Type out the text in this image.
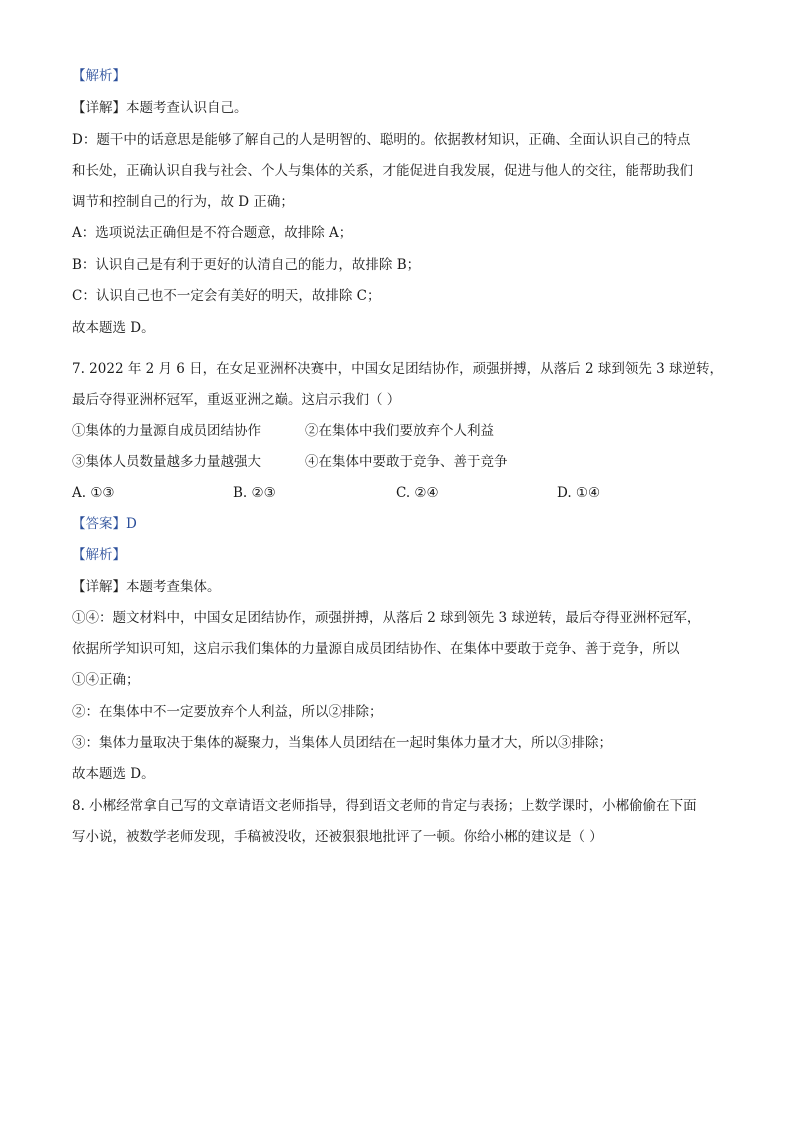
【解析】
【详解】本题考查认识自己。
D：题干中的话意思是能够了解自己的人是明智的、聪明的。依据教材知识，正确、全面认识自己的特点
和长处，正确认识自我与社会、个人与集体的关系，才能促进自我发展，促进与他人的交往，能帮助我们
调节和控制自己的行为，故 D 正确；
A：选项说法正确但是不符合题意，故排除 A；
B：认识自己是有利于更好的认清自己的能力，故排除 B；
C：认识自己也不一定会有美好的明天，故排除 C；
故本题选 D。
7. 2022 年 2 月 6 日，在女足亚洲杯决赛中，中国女足团结协作，顽强拼搏，从落后 2 球到领先 3 球逆转，
最后夺得亚洲杯冠军，重返亚洲之巅。这启示我们（ ）
①集体的力量源自成员团结协作	②在集体中我们要放弃个人利益
③集体人员数量越多力量越强大	④在集体中要敢于竞争、善于竞争
A. ①③	B. ②③	C. ②④	D. ①④
【答案】D
【解析】
【详解】本题考查集体。
①④：题文材料中，中国女足团结协作，顽强拼搏，从落后 2 球到领先 3 球逆转，最后夺得亚洲杯冠军，
依据所学知识可知，这启示我们集体的力量源自成员团结协作、在集体中要敢于竞争、善于竞争，所以
①④正确；
②：在集体中不一定要放弃个人利益，所以②排除；
③：集体力量取决于集体的凝聚力，当集体人员团结在一起时集体力量才大，所以③排除；
故本题选 D。
8. 小郴经常拿自己写的文章请语文老师指导，得到语文老师的肯定与表扬；上数学课时，小郴偷偷在下面
写小说，被数学老师发现，手稿被没收，还被狠狠地批评了一顿。你给小郴的建议是（ ）
